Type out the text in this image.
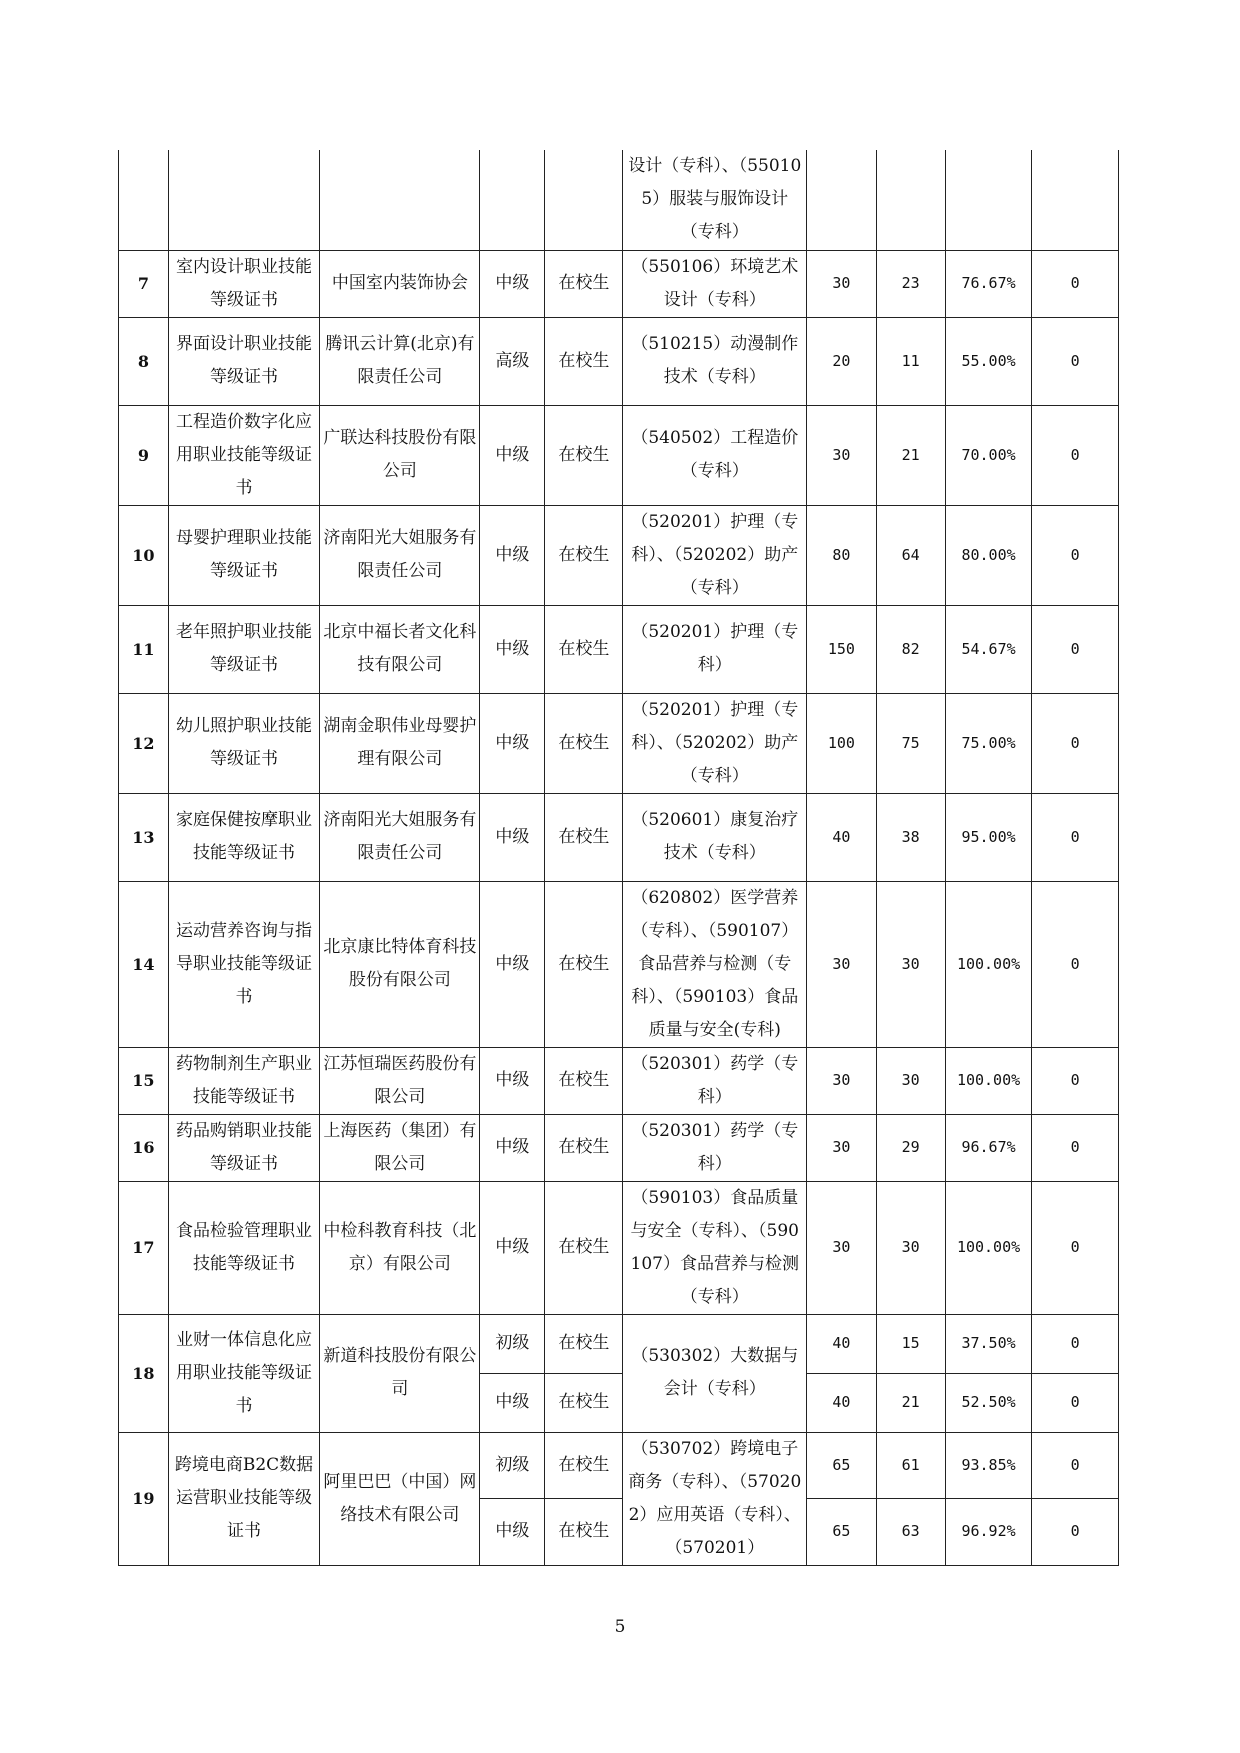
					设计（专科）、（550105）服装与服饰设计（专科）				
7	室内设计职业技能等级证书	中国室内装饰协会	中级	在校生	（550106）环境艺术设计（专科）	30	23	76.67%	0
8	界面设计职业技能等级证书	腾讯云计算(北京)有限责任公司	高级	在校生	（510215）动漫制作技术（专科）	20	11	55.00%	0
9	工程造价数字化应用职业技能等级证书	广联达科技股份有限公司	中级	在校生	（540502）工程造价（专科）	30	21	70.00%	0
10	母婴护理职业技能等级证书	济南阳光大姐服务有限责任公司	中级	在校生	（520201）护理（专科）、（520202）助产（专科）	80	64	80.00%	0
11	老年照护职业技能等级证书	北京中福长者文化科技有限公司	中级	在校生	（520201）护理（专科）	150	82	54.67%	0
12	幼儿照护职业技能等级证书	湖南金职伟业母婴护理有限公司	中级	在校生	（520201）护理（专科）、（520202）助产（专科）	100	75	75.00%	0
13	家庭保健按摩职业技能等级证书	济南阳光大姐服务有限责任公司	中级	在校生	（520601）康复治疗技术（专科）	40	38	95.00%	0
14	运动营养咨询与指导职业技能等级证书	北京康比特体育科技股份有限公司	中级	在校生	（620802）医学营养（专科）、（590107）食品营养与检测（专科）、（590103）食品质量与安全(专科)	30	30	100.00%	0
15	药物制剂生产职业技能等级证书	江苏恒瑞医药股份有限公司	中级	在校生	（520301）药学（专科）	30	30	100.00%	0
16	药品购销职业技能等级证书	上海医药（集团）有限公司	中级	在校生	（520301）药学（专科）	30	29	96.67%	0
17	食品检验管理职业技能等级证书	中检科教育科技（北京）有限公司	中级	在校生	（590103）食品质量与安全（专科）、（590107）食品营养与检测（专科）	30	30	100.00%	0
18	业财一体信息化应用职业技能等级证书	新道科技股份有限公司	初级	在校生	（530302）大数据与会计（专科）	40	15	37.50%	0
			中级	在校生		40	21	52.50%	0
19	跨境电商B2C数据运营职业技能等级证书	阿里巴巴（中国）网络技术有限公司	初级	在校生	（530702）跨境电子商务（专科）、（570202）应用英语（专科）、（570201）	65	61	93.85%	0
			中级	在校生		65	63	96.92%	0
5
